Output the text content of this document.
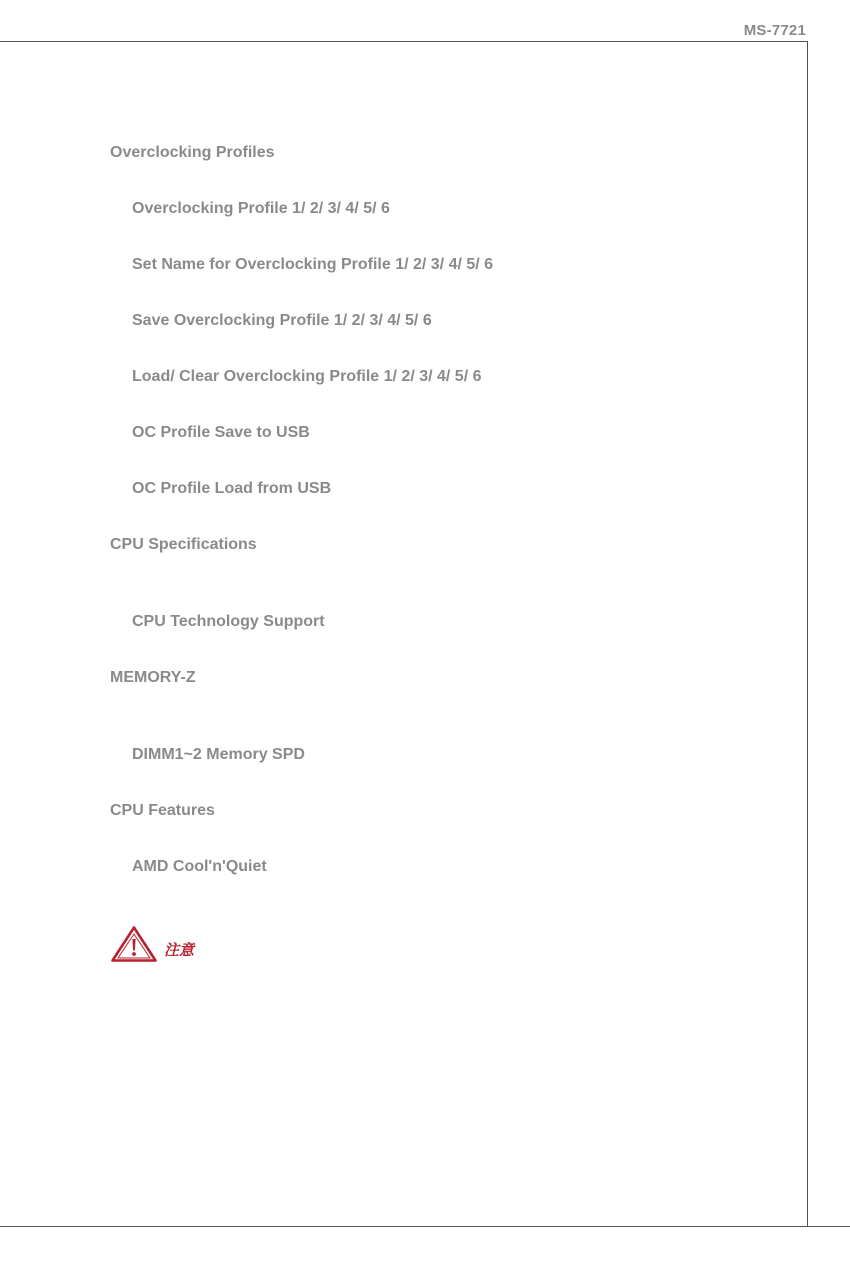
MS-7721
Overclocking Profiles
Overclocking Profile 1/ 2/ 3/ 4/ 5/ 6
Set Name for Overclocking Profile 1/ 2/ 3/ 4/ 5/ 6
Save Overclocking Profile 1/ 2/ 3/ 4/ 5/ 6
Load/ Clear Overclocking Profile 1/ 2/ 3/ 4/ 5/ 6
OC Profile Save to USB
OC Profile Load from USB
CPU Specifications
CPU Technology Support
MEMORY-Z
DIMM1~2 Memory SPD
CPU Features
AMD Cool'n'Quiet
注意
